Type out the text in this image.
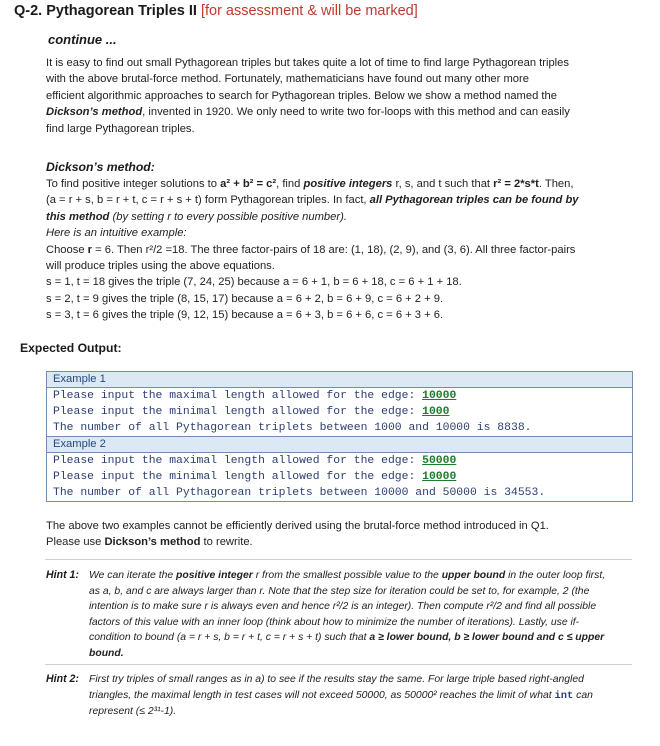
Q-2. Pythagorean Triples II [for assessment & will be marked]
continue ...
It is easy to find out small Pythagorean triples but takes quite a lot of time to find large Pythagorean triples
with the above brutal-force method. Fortunately, mathematicians have found out many other more
efficient algorithmic approaches to search for Pythagorean triples. Below we show a method named the
Dickson’s method, invented in 1920. We only need to write two for-loops with this method and can easily
find large Pythagorean triples.
Dickson’s method:
To find positive integer solutions to a² + b² = c², find positive integers r, s, and t such that r² = 2*s*t. Then,
(a = r + s, b = r + t, c = r + s + t) form Pythagorean triples. In fact, all Pythagorean triples can be found by
this method (by setting r to every possible positive number).
Here is an intuitive example:
Choose r = 6. Then r²/2 =18. The three factor-pairs of 18 are: (1, 18), (2, 9), and (3, 6). All three factor-pairs
will produce triples using the above equations.
s = 1, t = 18 gives the triple (7, 24, 25) because a = 6 + 1, b = 6 + 18, c = 6 + 1 + 18.
s = 2, t = 9 gives the triple (8, 15, 17) because a = 6 + 2, b = 6 + 9, c = 6 + 2 + 9.
s = 3, t = 6 gives the triple (9, 12, 15) because a = 6 + 3, b = 6 + 6, c = 6 + 3 + 6.
Expected Output:
Example 1
Please input the maximal length allowed for the edge: 10000
Please input the minimal length allowed for the edge: 1000
The number of all Pythagorean triplets between 1000 and 10000 is 8838.
Example 2
Please input the maximal length allowed for the edge: 50000
Please input the minimal length allowed for the edge: 10000
The number of all Pythagorean triplets between 10000 and 50000 is 34553.
The above two examples cannot be efficiently derived using the brutal-force method introduced in Q1.
Please use Dickson’s method to rewrite.
Hint 1: We can iterate the positive integer r from the smallest possible value to the upper bound in the outer loop first,
as a, b, and c are always larger than r. Note that the step size for iteration could be set to, for example, 2 (the
intention is to make sure r is always even and hence r²/2 is an integer). Then compute r²/2 and find all possible
factors of this value with an inner loop (think about how to minimize the number of iterations). Lastly, use if-
condition to bound (a = r + s, b = r + t, c = r + s + t) such that a ≥ lower bound, b ≥ lower bound and c ≤ upper
bound.
Hint 2: First try triples of small ranges as in a) to see if the results stay the same. For large triple based right-angled
triangles, the maximal length in test cases will not exceed 50000, as 50000² reaches the limit of what int can
represent (≤ 2³¹-1).
